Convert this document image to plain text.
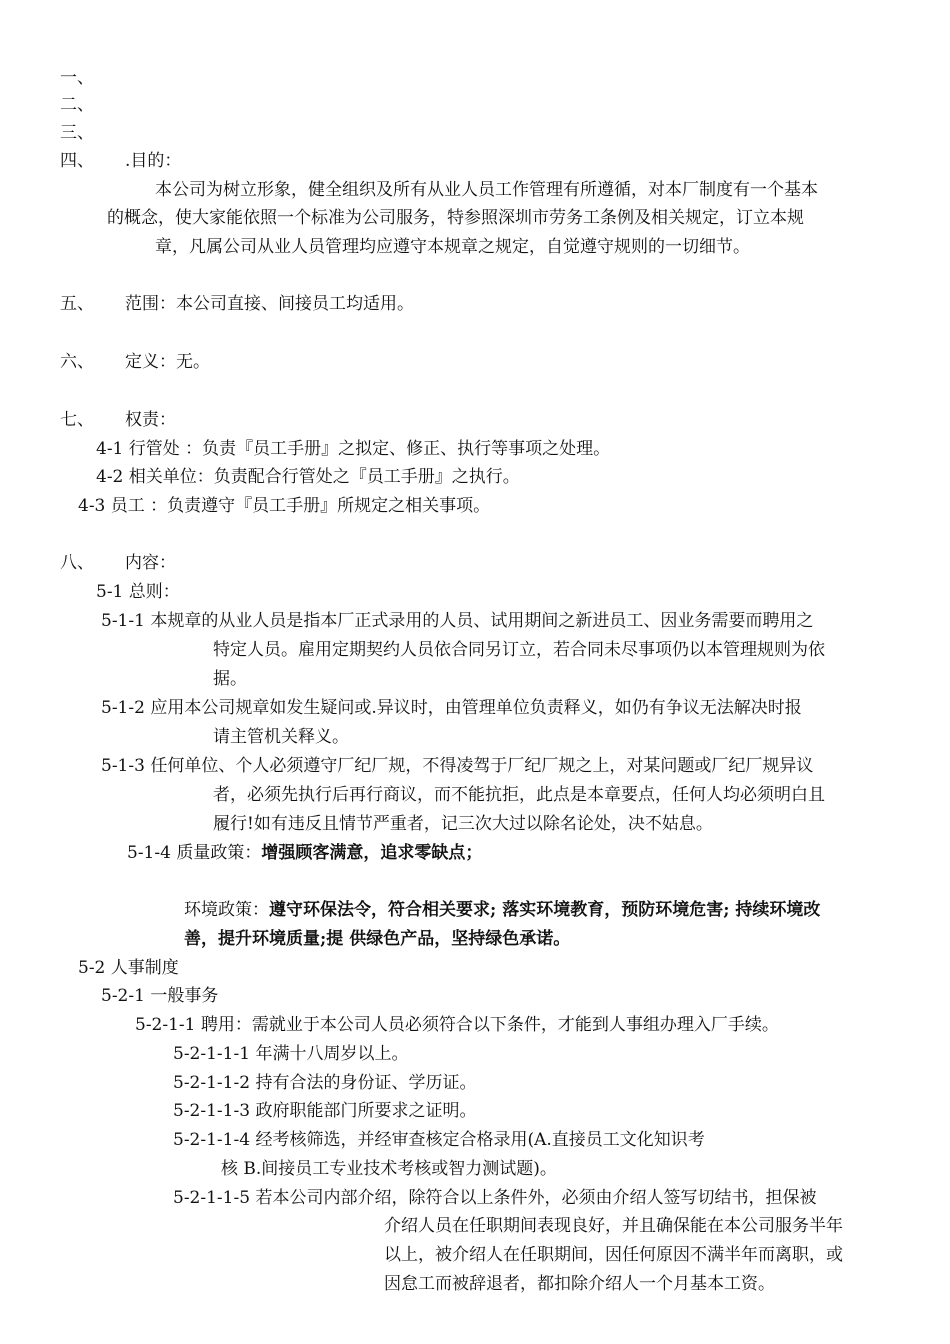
一、
二、
三、
四、 .目的：
本公司为树立形象，健全组织及所有从业人员工作管理有所遵循，对本厂制度有一个基本
的概念，使大家能依照一个标准为公司服务，特参照深圳市劳务工条例及相关规定，订立本规
章，凡属公司从业人员管理均应遵守本规章之规定，自觉遵守规则的一切细节。
五、 范围：本公司直接、间接员工均适用。
六、 定义：无。
七、 权责：
4-1 行管处 ：负责『员工手册』之拟定、修正、执行等事项之处理。
4-2 相关单位：负责配合行管处之『员工手册』之执行。
4-3 员工 ：负责遵守『员工手册』所规定之相关事项。
八、 内容：
5-1 总则：
5-1-1 本规章的从业人员是指本厂正式录用的人员、试用期间之新进员工、因业务需要而聘用之
特定人员。雇用定期契约人员依合同另订立，若合同未尽事项仍以本管理规则为依
据。
5-1-2 应用本公司规章如发生疑问或.异议时，由管理单位负责释义，如仍有争议无法解决时报
请主管机关释义。
5-1-3 任何单位、个人必须遵守厂纪厂规，不得凌驾于厂纪厂规之上，对某问题或厂纪厂规异议
者，必须先执行后再行商议，而不能抗拒，此点是本章要点，任何人均必须明白且
履行!如有违反且情节严重者，记三次大过以除名论处，决不姑息。
5-1-4 质量政策：增强顾客满意，追求零缺点；
环境政策：遵守环保法令，符合相关要求; 落实环境教育，预防环境危害; 持续环境改
善，提升环境质量;提 供绿色产品，坚持绿色承诺。
5-2 人事制度
5-2-1 一般事务
5-2-1-1 聘用：需就业于本公司人员必须符合以下条件，才能到人事组办理入厂手续。
5-2-1-1-1 年满十八周岁以上。
5-2-1-1-2 持有合法的身份证、学历证。
5-2-1-1-3 政府职能部门所要求之证明。
5-2-1-1-4 经考核筛选，并经审查核定合格录用(A.直接员工文化知识考
核 B.间接员工专业技术考核或智力测试题)。
5-2-1-1-5 若本公司内部介绍，除符合以上条件外，必须由介绍人签写切结书，担保被
介绍人员在任职期间表现良好，并且确保能在本公司服务半年
以上，被介绍人在任职期间，因任何原因不满半年而离职，或
因怠工而被辞退者，都扣除介绍人一个月基本工资。
